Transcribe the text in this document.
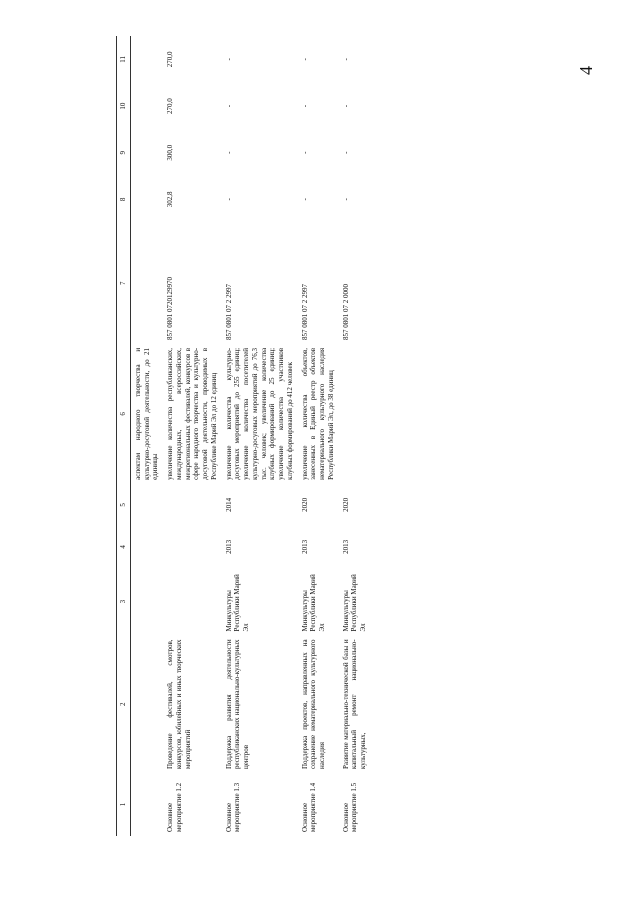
4
1	2	3	4	5	6	7	8	9	10	11
					аспектам народного творчества и культурно-досуговой деятельности, до 21 единицы					
Основное мероприятие 1.2	Проведение фестивалей, смотров, конкурсов, юбилейных и иных творческих мероприятий				увеличение количества республиканских, международных, всероссийских, межрегиональных фестивалей, конкурсов в сфере народного творчества и культурно-досуговой деятельности, проводимых в Республике Марий Эл до 12 единиц	857 0801 0720129970	302,8	300,0	270,0	270,0
Основное мероприятие 1.3	Поддержка развития деятельности республиканских национально-культурных центров	Минкультуры Республики Марий Эл	2013	2014	увеличение количества культурно-досуговых мероприятий до 255 единиц; увеличение количества посетителей культурно-досуговых мероприятий до 76,3 тыс. человек; увеличение количества клубных формирований до 25 единиц; увеличение количества участников клубных формирований до 412 человек	857 0801 07 2 2997	-	-	-	-
Основное мероприятие 1.4	Поддержка проектов, направленных на сохранение нематериального культурного наследия	Минкультуры Республики Марий Эл	2013	2020	увеличение количества объектов, занесенных в Единый реестр объектов нематериального культурного наследия Республики Марий Эл, до 38 единиц	857 0801 07 2 2997	-	-	-	-
Основное мероприятие 1.5	Развитие материально-технической базы и капитальный ремонт национально-культурных,	Минкультуры Республики Марий Эл	2013	2020		857 0801 07 2 0000	-	-	-	-
